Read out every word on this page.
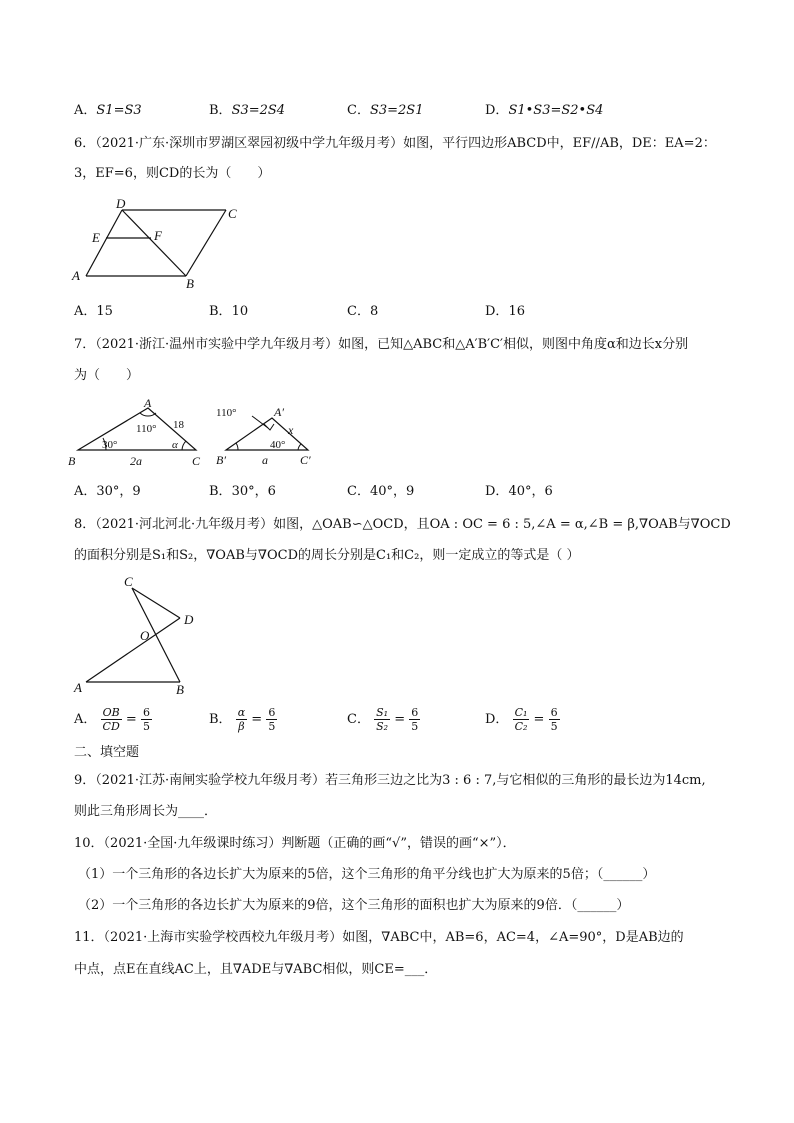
A．S1=S3	B．S3=2S4	C．S3=2S1	D．S1•S3=S2•S4
6．（2021·广东·深圳市罗湖区翠园初级中学九年级月考）如图，平行四边形ABCD中，EF//AB，DE：EA=2：
3，EF=6，则CD的长为（　　）
D
C
E	F
A
B
A．15	B．10	C．8	D．16
7．（2021·浙江·温州市实验中学九年级月考）如图，已知△ABC和△A′B′C′相似，则图中角度α和边长x分别
为（　　）
A
110° 18
30°	α
B	2a	C
110°	A′
x
40°
B′	a	C′
A．30°，9	B．30°，6	C．40°，9	D．40°，6
8．（2021·河北河北·九年级月考）如图，△OAB∽△OCD，且OA : OC = 6 : 5,∠A = α,∠B = β,∇OAB与∇OCD
的面积分别是S₁和S₂，∇OAB与∇OCD的周长分别是C₁和C₂，则一定成立的等式是（ ）
C
D
O
A	B
A． $\frac{OB}{CD} = \frac{6}{5}$	B． $\frac{\alpha}{\beta} = \frac{6}{5}$	C． $\frac{\text{S₁}}{\text{S₂}} = \frac{6}{5}$	D． $\frac{\text{C₁}}{\text{C₂}} = \frac{6}{5}$
二、填空题
9．（2021·江苏·南闸实验学校九年级月考）若三角形三边之比为3 : 6 : 7,与它相似的三角形的最长边为14cm,
则此三角形周长为____．
10．（2021·全国·九年级课时练习）判断题（正确的画“√”，错误的画“×”）．
（1）一个三角形的各边长扩大为原来的5倍，这个三角形的角平分线也扩大为原来的5倍；（______）
（2）一个三角形的各边长扩大为原来的9倍，这个三角形的面积也扩大为原来的9倍．（______）
11．（2021·上海市实验学校西校九年级月考）如图，∇ABC中，AB=6，AC=4，∠A=90°，D是AB边的
中点，点E在直线AC上，且∇ADE与∇ABC相似，则CE=___．
